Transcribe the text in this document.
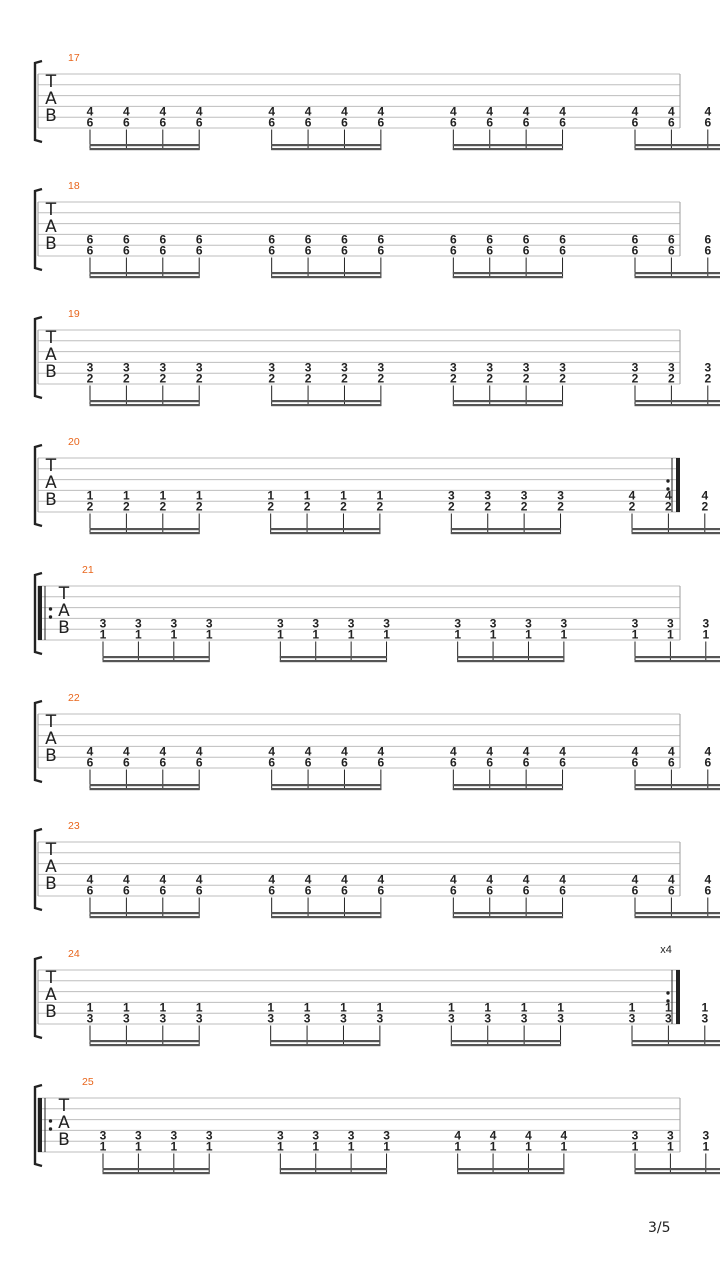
17
T
A
B 4
6
4
6
4
6
4
6
4
6
4
6
4
6
4
6
4
6
4
6
4
6
4
6
4
6
4
6
4
6
18
T
A
B 6
6
6
6
6
6
6
6
6
6
6
6
6
6
6
6
6
6
6
6
6
6
6
6
6
6
6
6
6
6
19
T
A
B 3
2
3
2
3
2
3
2
3
2
3
2
3
2
3
2
3
2
3
2
3
2
3
2
3
2
3
2
3
2
20
T
A
B 1
2
1
2
1
2
1
2
1
2
1
2
1
2
1
2
3
2
3
2
3
2
3
2
4
2
4
2
4
2
21
T
A
B 3
1
3
1
3
1
3
1
3
1
3
1
3
1
3
1
3
1
3
1
3
1
3
1
3
1
3
1
3
1
22
T
A
B 4
6
4
6
4
6
4
6
4
6
4
6
4
6
4
6
4
6
4
6
4
6
4
6
4
6
4
6
4
6
23
T
A
B 4
6
4
6
4
6
4
6
4
6
4
6
4
6
4
6
4
6
4
6
4
6
4
6
4
6
4
6
4
6
24
T
A
B
x4
1
3
1
3
1
3
1
3
1
3
1
3
1
3
1
3
1
3
1
3
1
3
1
3
1
3
1
3
1
3
25
T
A
B 3
1
3
1
3
1
3
1
3
1
3
1
3
1
3
1
4
1
4
1
4
1
4
1
3
1
3
1
3
1
3/5
